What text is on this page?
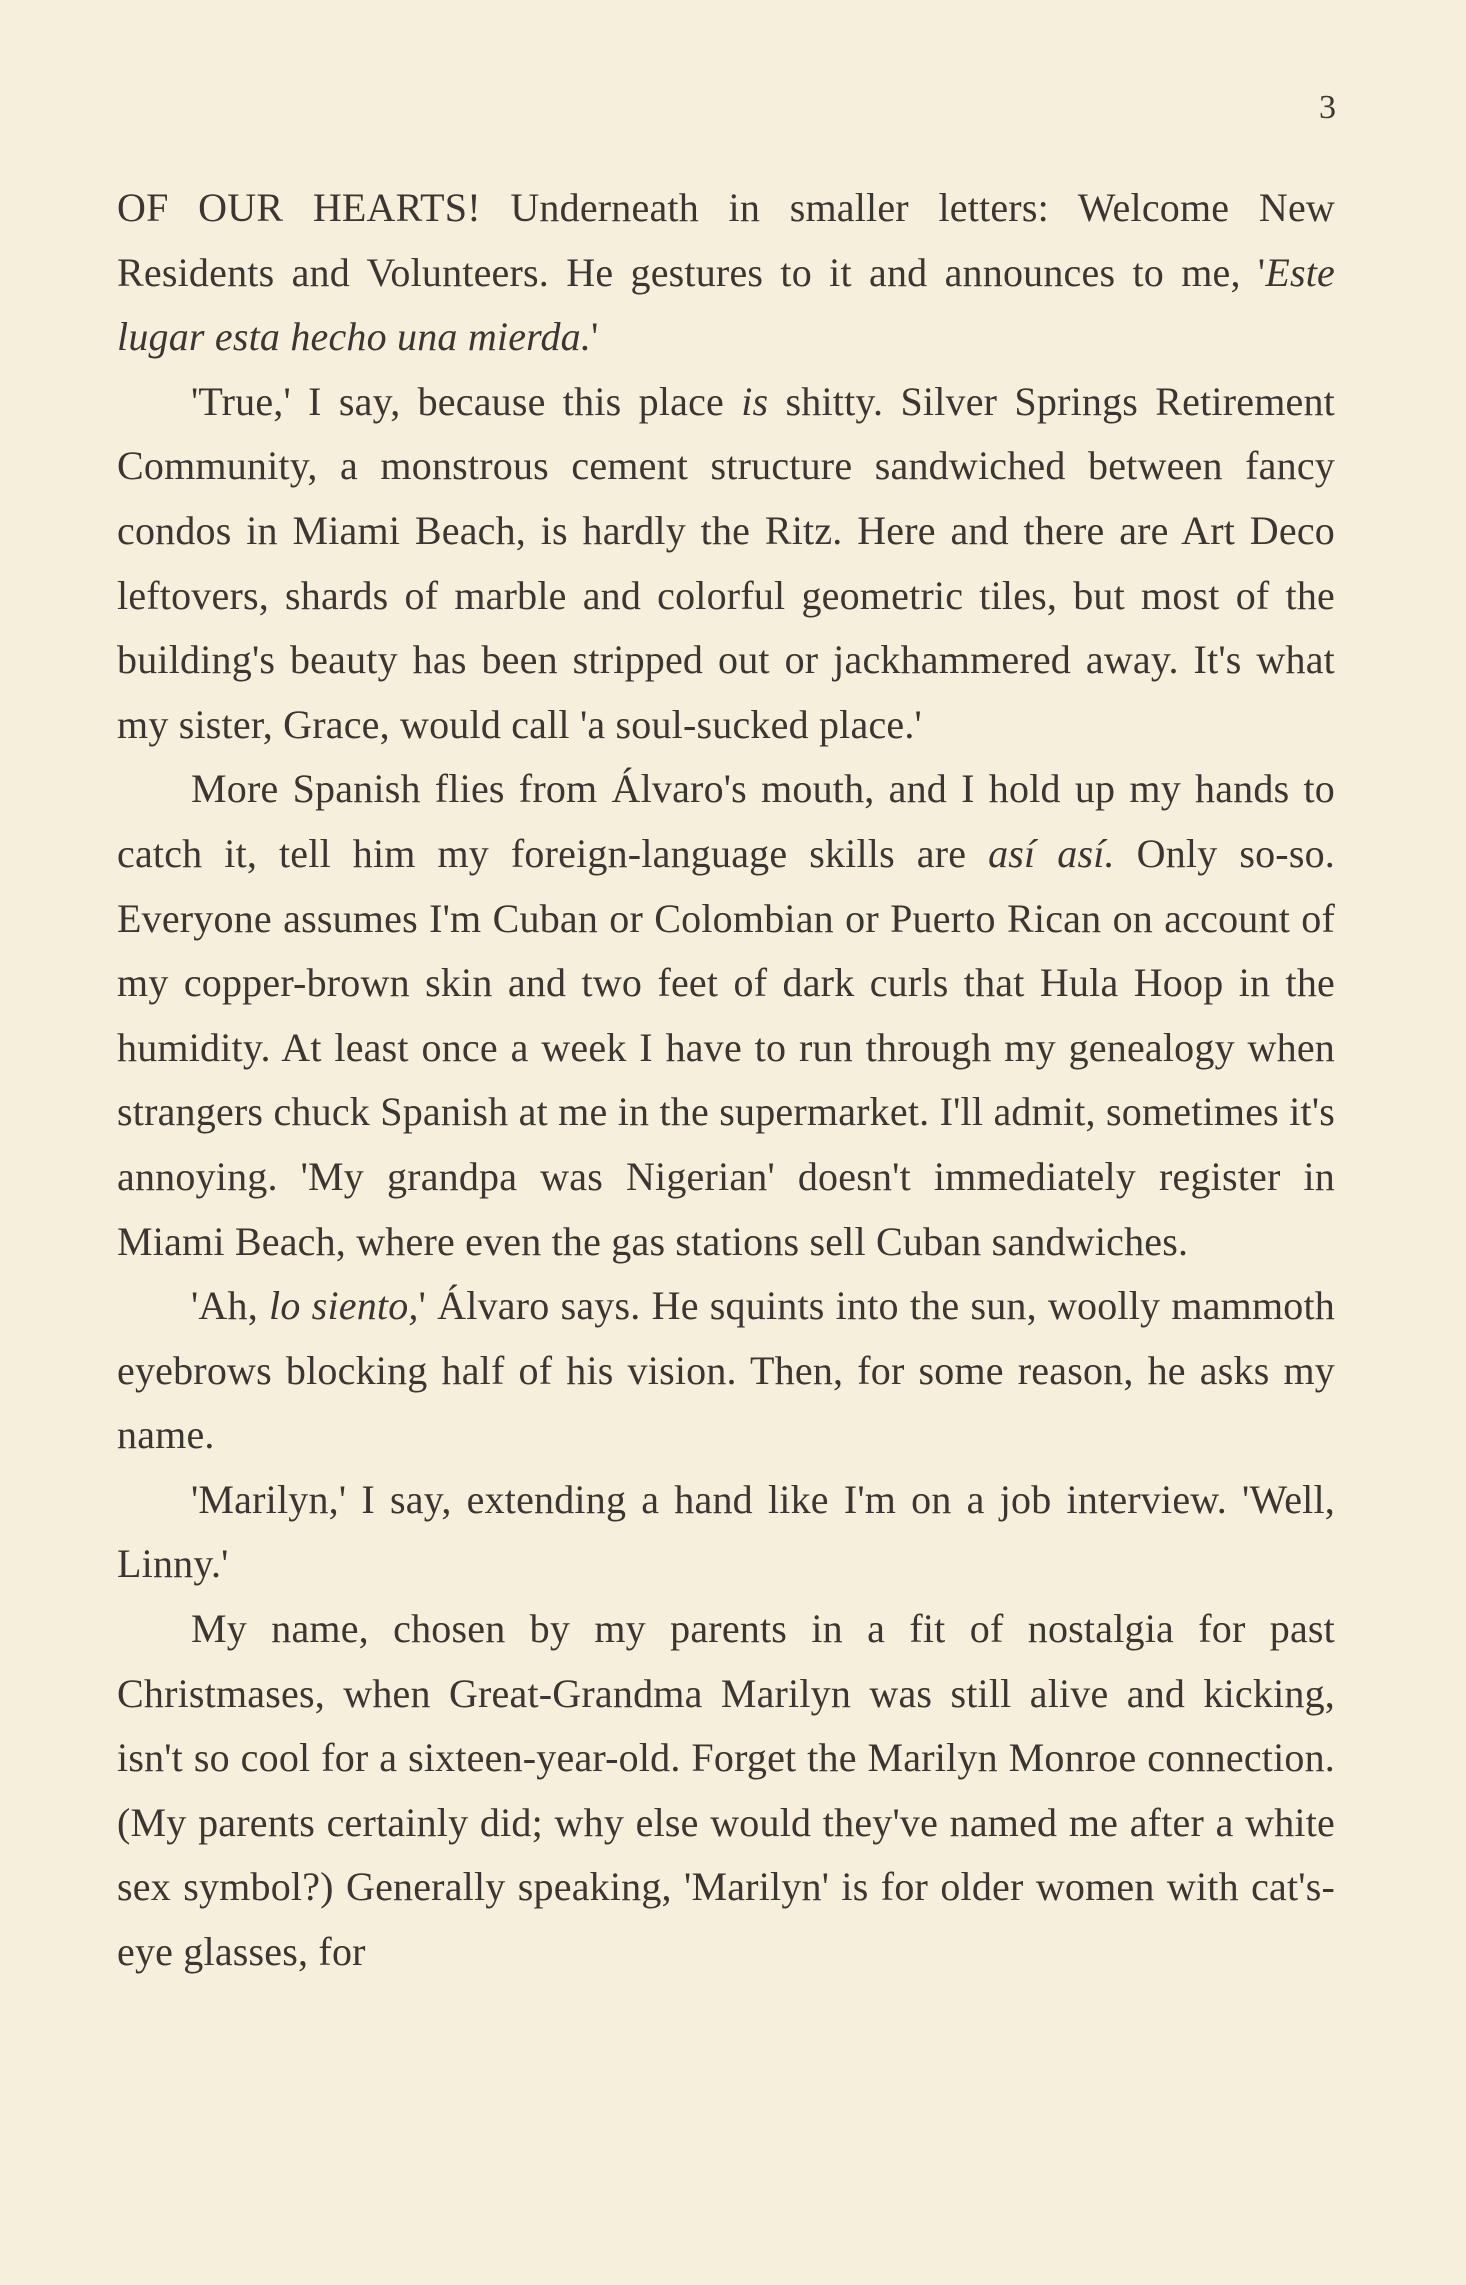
3

OF OUR HEARTS! Underneath in smaller letters: Welcome New Residents and Volunteers. He gestures to it and announces to me, 'Este lugar esta hecho una mierda.'

'True,' I say, because this place is shitty. Silver Springs Retirement Community, a monstrous cement structure sandwiched between fancy condos in Miami Beach, is hardly the Ritz. Here and there are Art Deco leftovers, shards of marble and colorful geometric tiles, but most of the building's beauty has been stripped out or jackhammered away. It's what my sister, Grace, would call 'a soul-sucked place.'

More Spanish flies from Álvaro's mouth, and I hold up my hands to catch it, tell him my foreign-language skills are así así. Only so-so. Everyone assumes I'm Cuban or Colombian or Puerto Rican on account of my copper-brown skin and two feet of dark curls that Hula Hoop in the humidity. At least once a week I have to run through my genealogy when strangers chuck Spanish at me in the supermarket. I'll admit, sometimes it's annoying. 'My grandpa was Nigerian' doesn't immediately register in Miami Beach, where even the gas stations sell Cuban sandwiches.

'Ah, lo siento,' Álvaro says. He squints into the sun, woolly mammoth eyebrows blocking half of his vision. Then, for some reason, he asks my name.

'Marilyn,' I say, extending a hand like I'm on a job interview. 'Well, Linny.'

My name, chosen by my parents in a fit of nostalgia for past Christmases, when Great-Grandma Marilyn was still alive and kicking, isn't so cool for a sixteen-year-old. Forget the Marilyn Monroe connection. (My parents certainly did; why else would they've named me after a white sex symbol?) Generally speaking, 'Marilyn' is for older women with cat's-eye glasses, for
